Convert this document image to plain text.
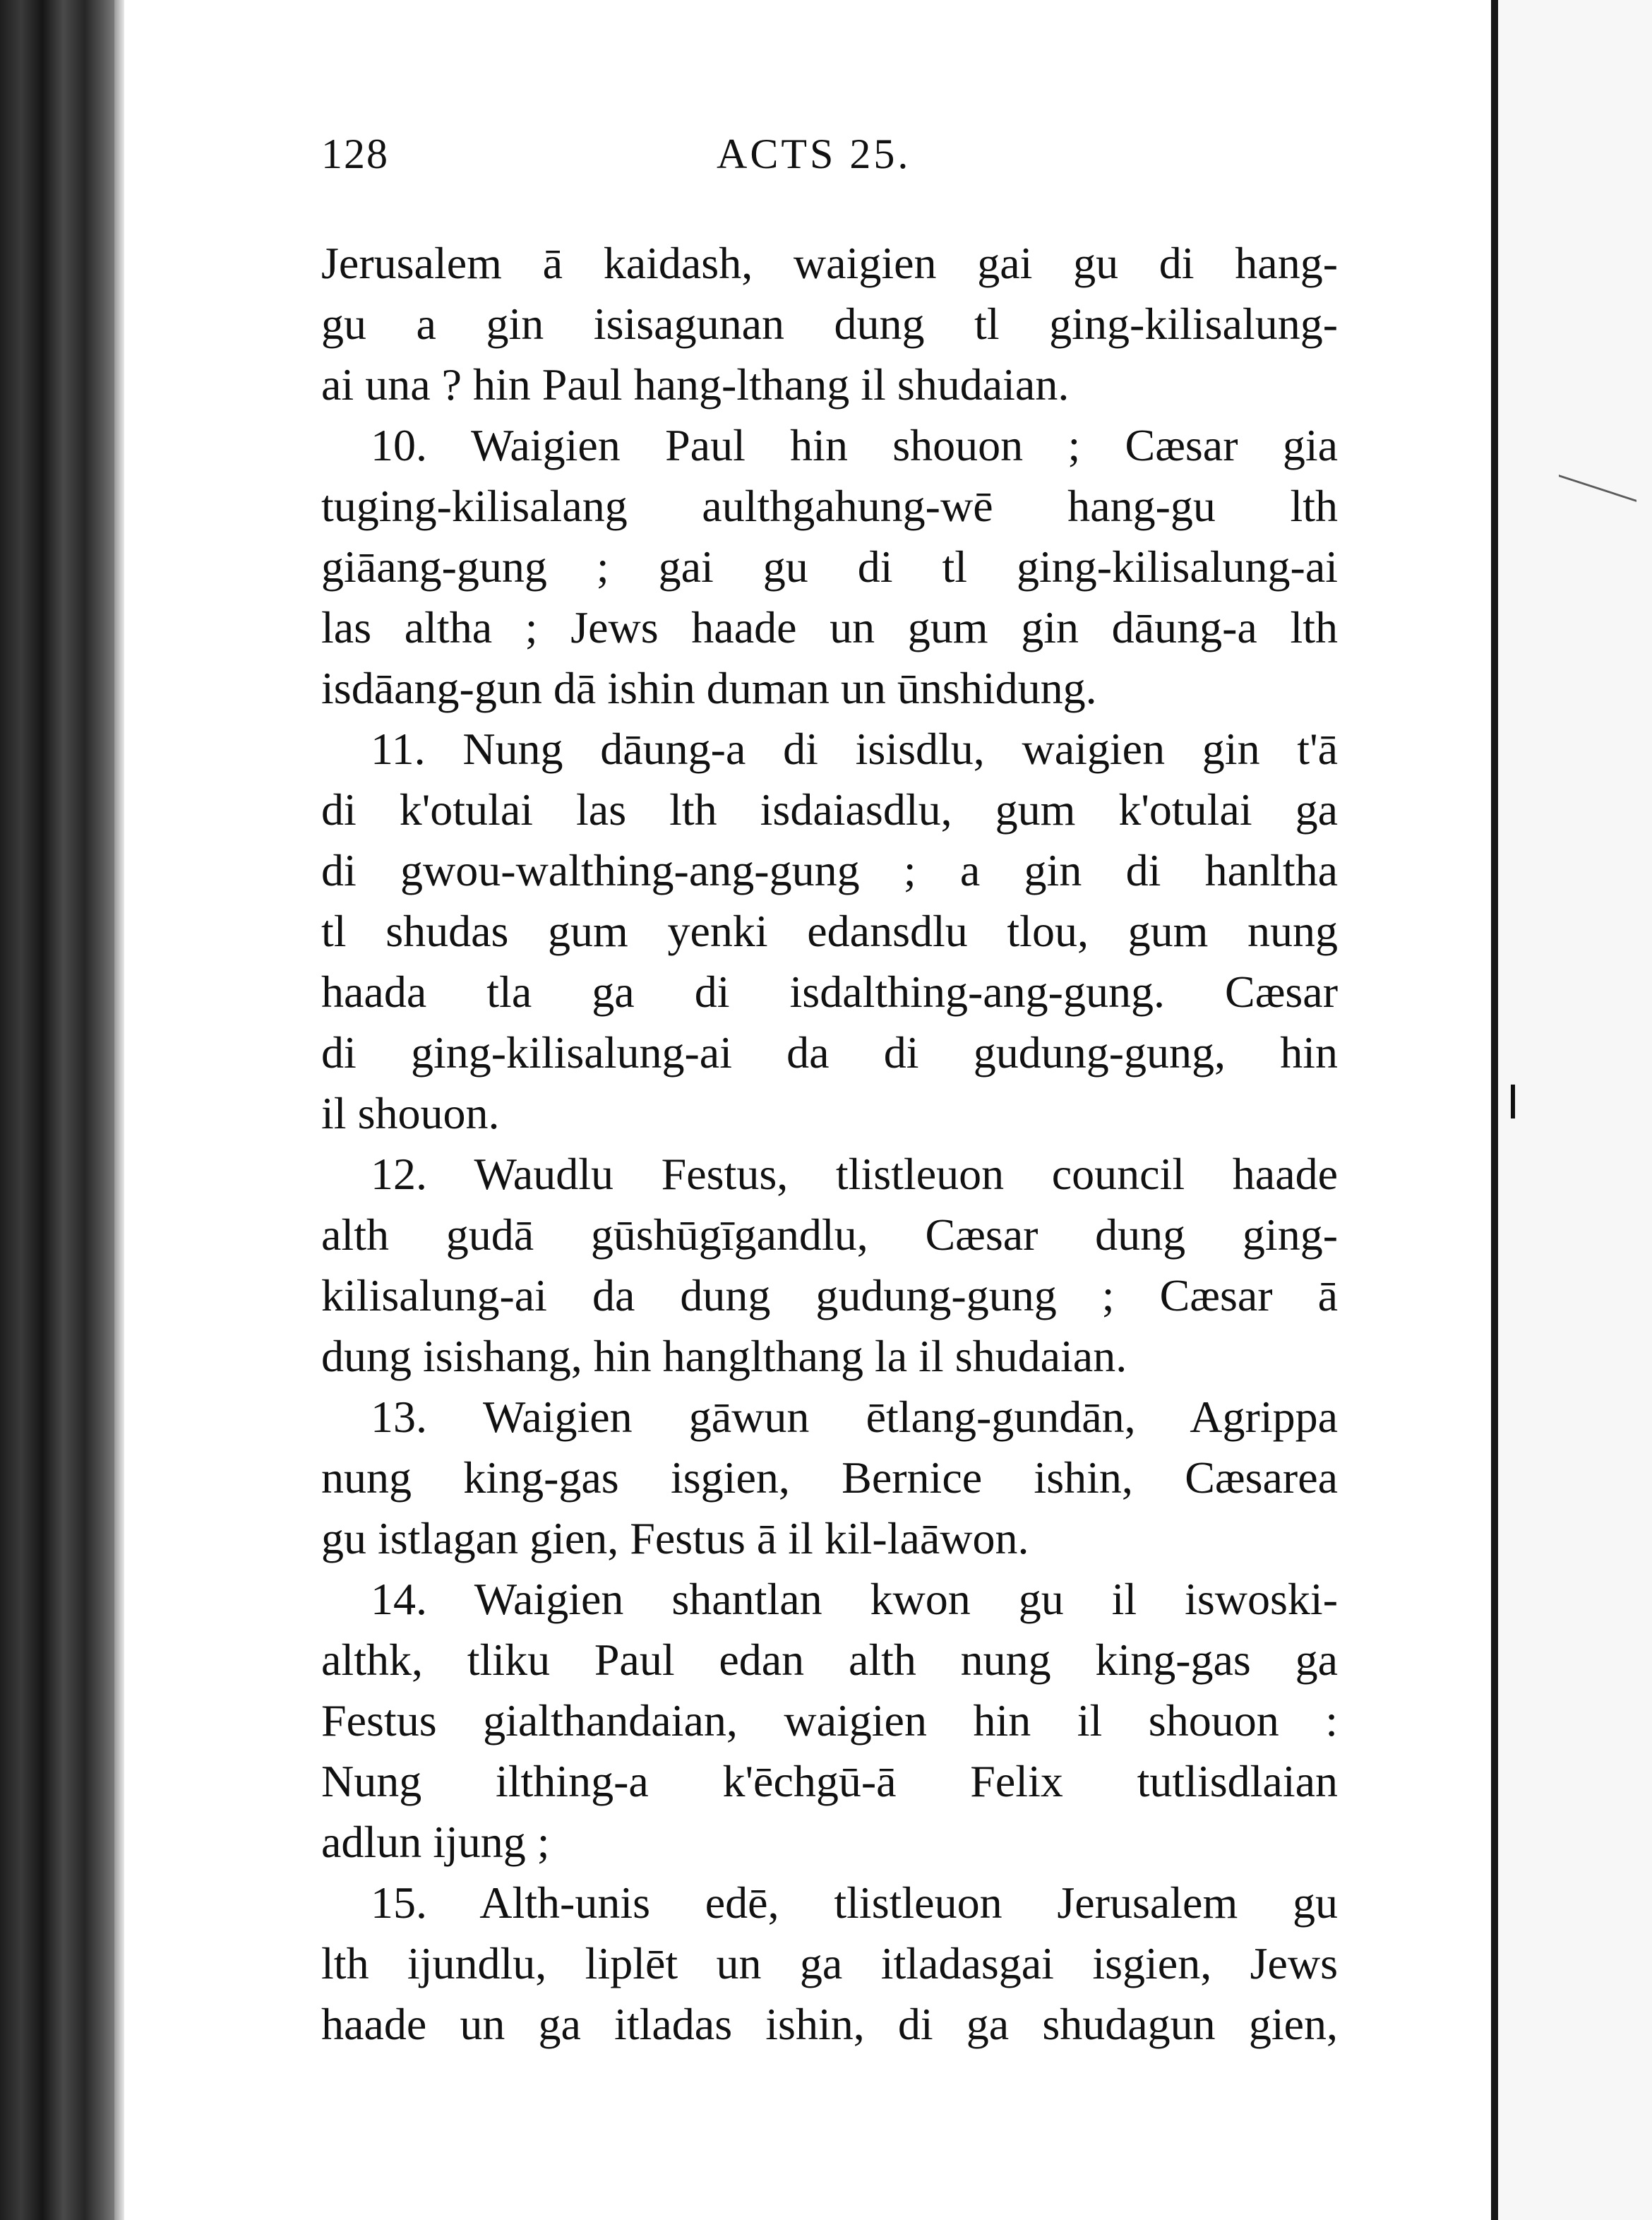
128	ACTS 25.
Jerusalem ā kaidash, waigien gai gu di hang-
gu a gin isisagunan dung tl ging-kilisalung-
ai una ? hin Paul hang-lthang il shudaian.
10. Waigien Paul hin shouon ; Cæsar gia
tuging-kilisalang aulthgahung-wē hang-gu lth
giāang-gung ; gai gu di tl ging-kilisalung-ai
las altha ; Jews haade un gum gin dāung-a lth
isdāang-gun dā ishin duman un ūnshidung.
11. Nung dāung-a di isisdlu, waigien gin t'ā
di k'otulai las lth isdaiasdlu, gum k'otulai ga
di gwou-walthing-ang-gung ; a gin di hanltha
tl shudas gum yenki edansdlu tlou, gum nung
haada tla ga di isdalthing-ang-gung. Cæsar
di ging-kilisalung-ai da di gudung-gung, hin
il shouon.
12. Waudlu Festus, tlistleuon council haade
alth gudā gūshūgīgandlu, Cæsar dung ging-
kilisalung-ai da dung gudung-gung ; Cæsar ā
dung isishang, hin hanglthang la il shudaian.
13. Waigien gāwun ētlang-gundān, Agrippa
nung king-gas isgien, Bernice ishin, Cæsarea
gu istlagan gien, Festus ā il kil-laāwon.
14. Waigien shantlan kwon gu il iswoski-
althk, tliku Paul edan alth nung king-gas ga
Festus gialthandaian, waigien hin il shouon :
Nung ilthing-a k'ēchgū-ā Felix tutlisdlaian
adlun ijung ;
15. Alth-unis edē, tlistleuon Jerusalem gu
lth ijundlu, liplēt un ga itladasgai isgien, Jews
haade un ga itladas ishin, di ga shudagun gien,
